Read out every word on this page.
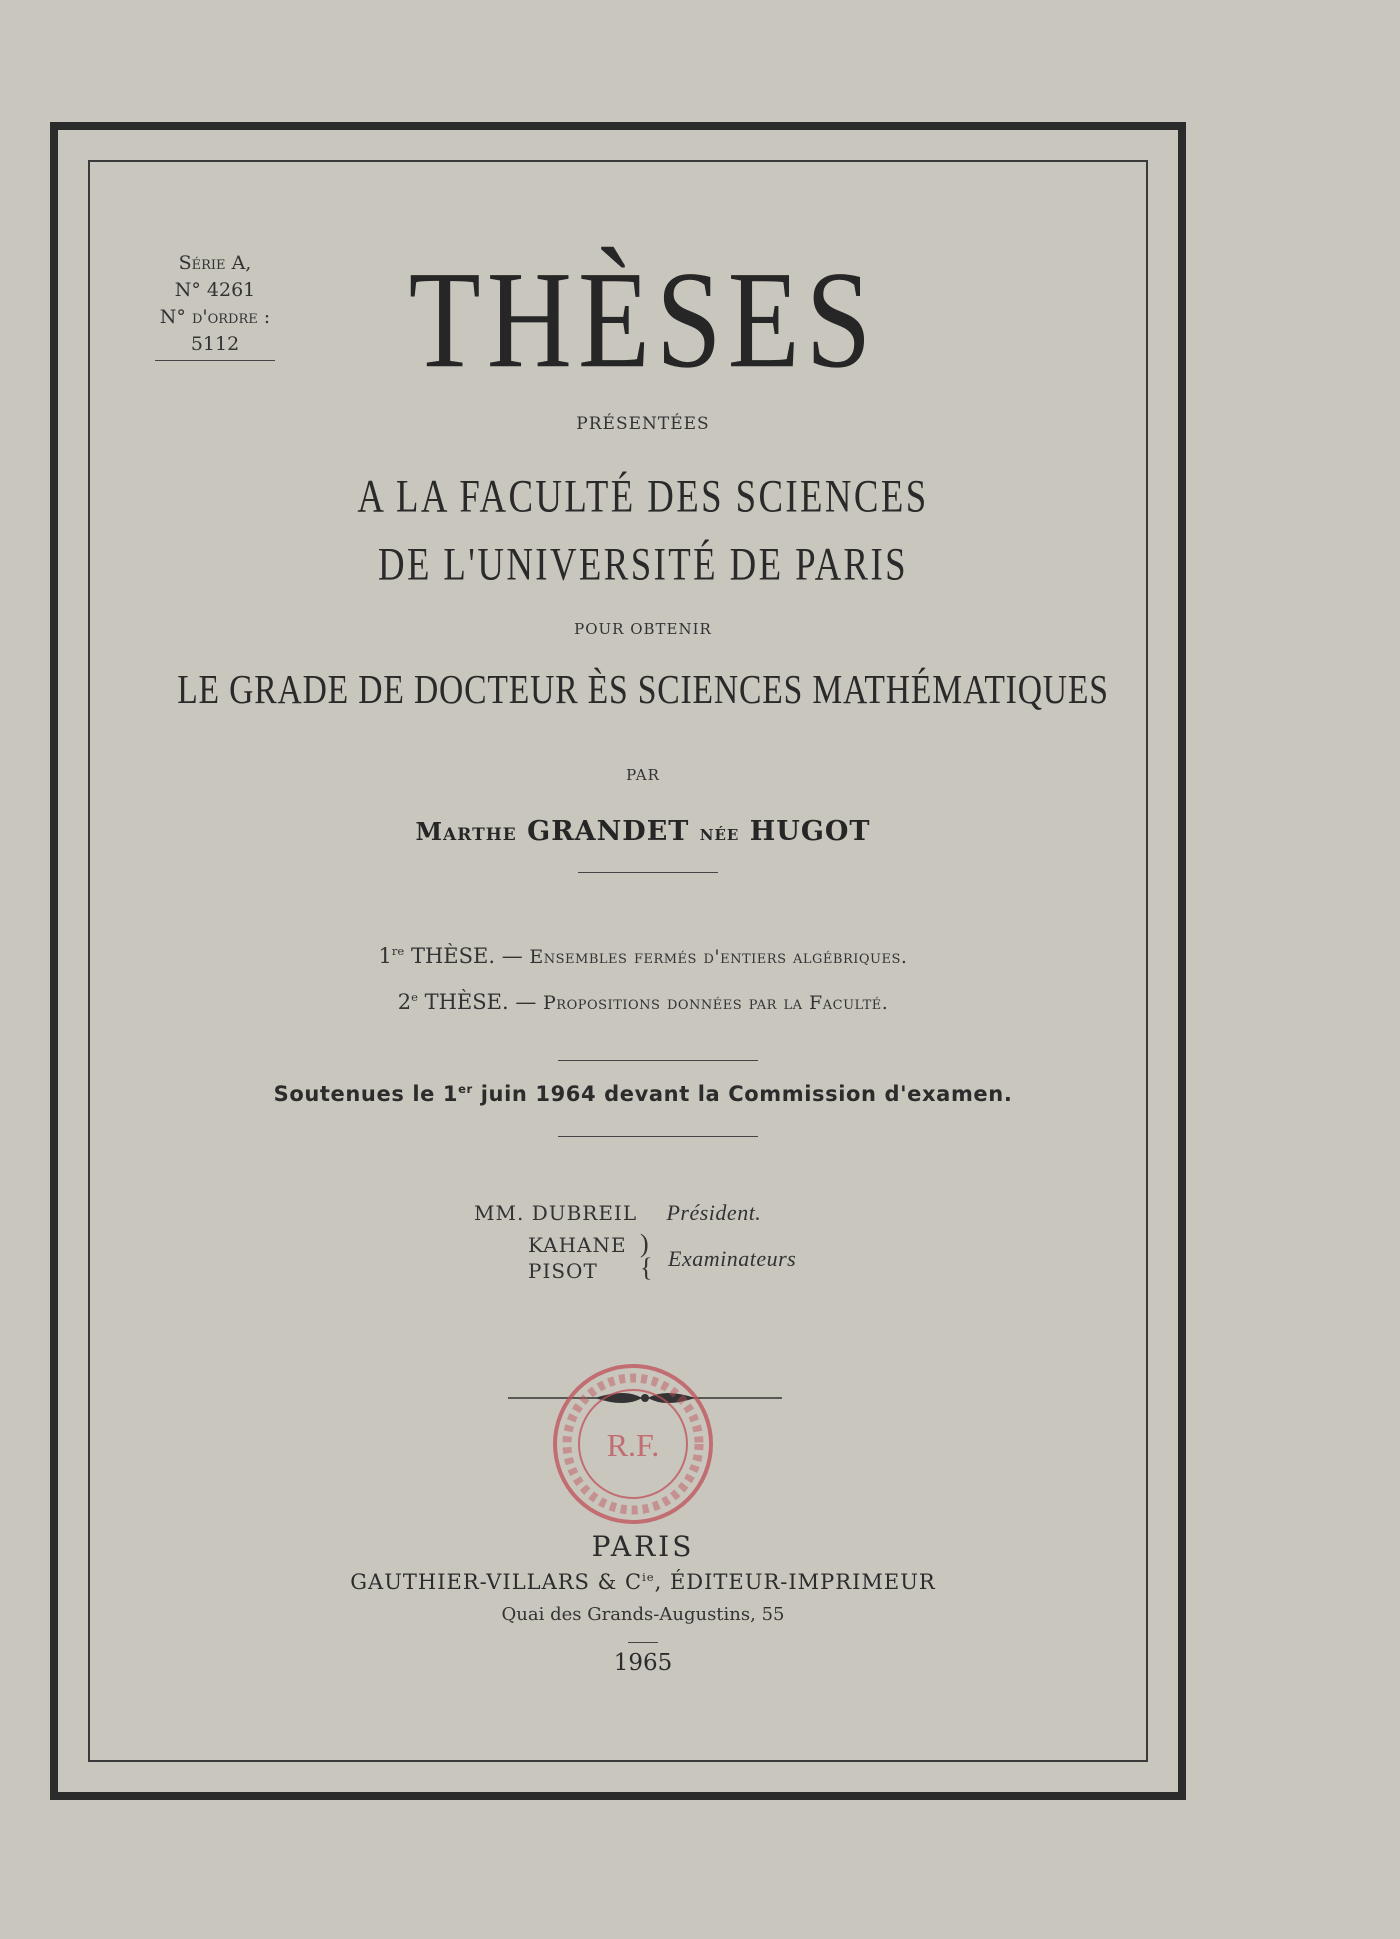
Série A,
N° 4261
N° d'ordre :
5112	THÈSES
PRÉSENTÉES
A LA FACULTÉ DES SCIENCES
DE L'UNIVERSITÉ DE PARIS
POUR OBTENIR
LE GRADE DE DOCTEUR ÈS SCIENCES MATHÉMATIQUES
PAR
Marthe GRANDET née HUGOT
1re THÈSE. — Ensembles fermés d'entiers algébriques.
2e THÈSE. — Propositions données par la Faculté.
Soutenues le 1er juin 1964 devant la Commission d'examen.
MM. DUBREIL Président.
KAHANE
PISOT
)
{ Examinateurs
R.F.
PARIS
GAUTHIER-VILLARS & $C^{ie}$, ÉDITEUR-IMPRIMEUR
Quai des Grands-Augustins, 55
1965
